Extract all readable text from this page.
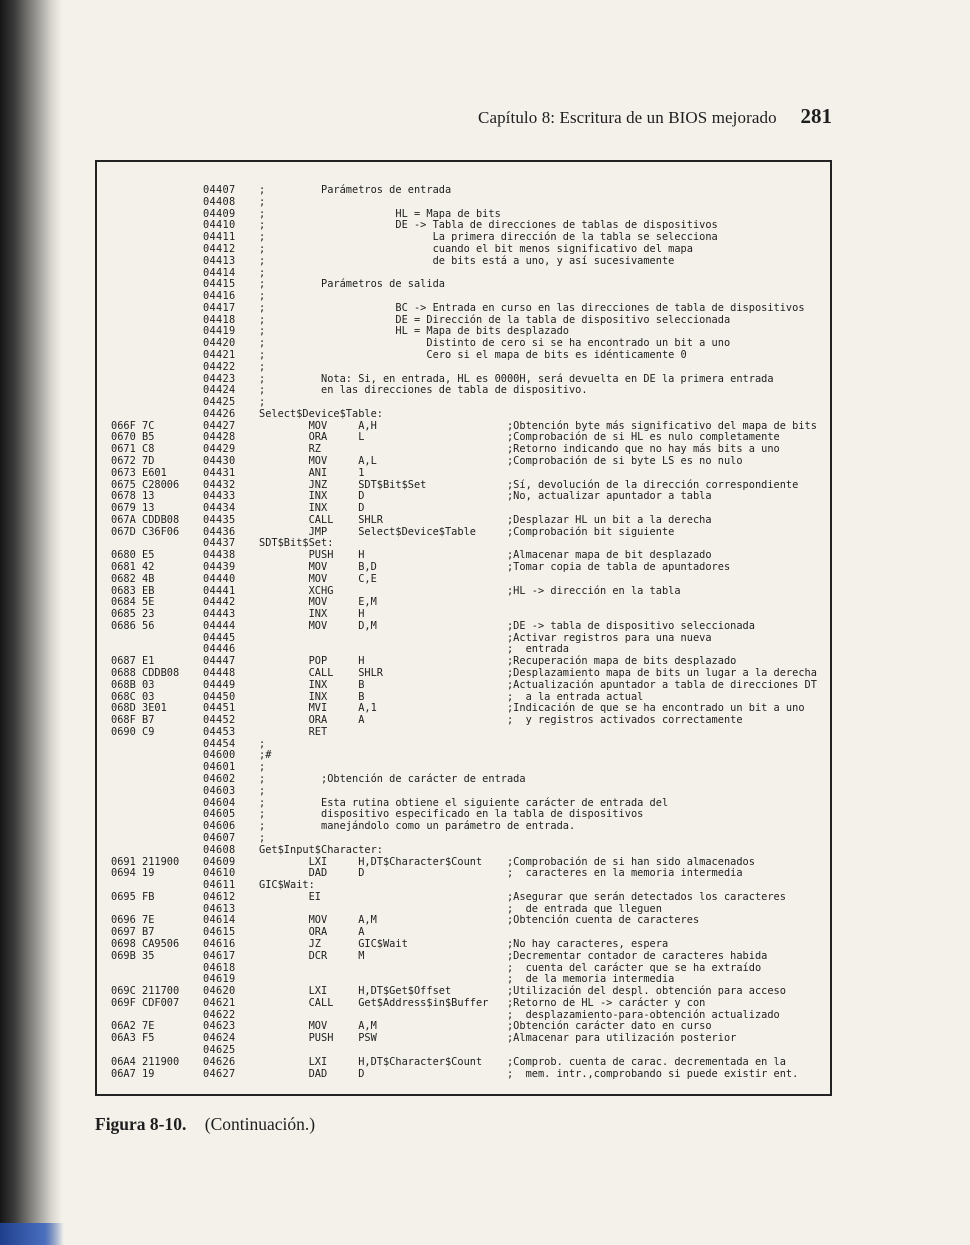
Capítulo 8: Escritura de un BIOS mejorado 281
04407 ;         Parámetros de entrada
04408 ;
04409 ;                     HL = Mapa de bits
04410 ;                     DE -> Tabla de direcciones de tablas de dispositivos
04411 ;                           La primera dirección de la tabla se selecciona
04412 ;                           cuando el bit menos significativo del mapa
04413 ;                           de bits está a uno, y así sucesivamente
04414 ;
04415 ;         Parámetros de salida
04416 ;
04417 ;                     BC -> Entrada en curso en las direcciones de tabla de dispositivos
04418 ;                     DE = Dirección de la tabla de dispositivo seleccionada
04419 ;                     HL = Mapa de bits desplazado
04420 ;                          Distinto de cero si se ha encontrado un bit a uno
04421 ;                          Cero si el mapa de bits es idénticamente 0
04422 ;
04423 ;         Nota: Si, en entrada, HL es 0000H, será devuelta en DE la primera entrada
04424 ;         en las direcciones de tabla de dispositivo.
04425 ;
04426 Select$Device$Table:
066F 7C	04427 MOV     A,H                     ;Obtención byte más significativo del mapa de bits
0670 B5	04428 ORA     L                       ;Comprobación de si HL es nulo completamente
0671 C8	04429 RZ                              ;Retorno indicando que no hay más bits a uno
0672 7D	04430 MOV     A,L                     ;Comprobación de si byte LS es no nulo
0673 E601	04431 ANI     1
0675 C28006 04432 JNZ     SDT$Bit$Set             ;Sí, devolución de la dirección correspondiente
0678 13	04433 INX     D                       ;No, actualizar apuntador a tabla
0679 13	04434 INX     D
067A CDDB08 04435 CALL    SHLR                    ;Desplazar HL un bit a la derecha
067D C36F06 04436 JMP     Select$Device$Table     ;Comprobación bit siguiente
04437 SDT$Bit$Set:
0680 E5	04438 PUSH    H                       ;Almacenar mapa de bit desplazado
0681 42	04439 MOV     B,D                     ;Tomar copia de tabla de apuntadores
0682 4B	04440 MOV     C,E
0683 EB	04441 XCHG                            ;HL -> dirección en la tabla
0684 5E	04442 MOV     E,M
0685 23	04443 INX     H
0686 56	04444 MOV     D,M                     ;DE -> tabla de dispositivo seleccionada
04445 ;Activar registros para una nueva
04446 ;  entrada
0687 E1	04447 POP     H                       ;Recuperación mapa de bits desplazado
0688 CDDB08 04448 CALL    SHLR                    ;Desplazamiento mapa de bits un lugar a la derecha
068B 03	04449 INX     B                       ;Actualización apuntador a tabla de direcciones DT
068C 03	04450 INX     B                       ;  a la entrada actual
068D 3E01	04451 MVI     A,1                     ;Indicación de que se ha encontrado un bit a uno
068F B7	04452 ORA     A                       ;  y registros activados correctamente
0690 C9	04453 RET
04454 ;
04600 ;#
04601 ;
04602 ;         ;Obtención de carácter de entrada
04603 ;
04604 ;         Esta rutina obtiene el siguiente carácter de entrada del
04605 ;         dispositivo especificado en la tabla de dispositivos
04606 ;         manejándolo como un parámetro de entrada.
04607 ;
04608 Get$Input$Character:
0691 211900 04609 LXI     H,DT$Character$Count    ;Comprobación de si han sido almacenados
0694 19	04610 DAD     D                       ;  caracteres en la memoria intermedia
04611 GIC$Wait:
0695 FB	04612 EI                              ;Asegurar que serán detectados los caracteres
04613 ;  de entrada que lleguen
0696 7E	04614 MOV     A,M                     ;Obtención cuenta de caracteres
0697 B7	04615 ORA     A
0698 CA9506 04616 JZ      GIC$Wait                ;No hay caracteres, espera
069B 35	04617 DCR     M                       ;Decrementar contador de caracteres habida
04618 ;  cuenta del carácter que se ha extraído
04619 ;  de la memoria intermedia
069C 211700 04620 LXI     H,DT$Get$Offset         ;Utilización del despl. obtención para acceso
069F CDF007 04621 CALL    Get$Address$in$Buffer   ;Retorno de HL -> carácter y con
04622 ;  desplazamiento-para-obtención actualizado
06A2 7E	04623 MOV     A,M                     ;Obtención carácter dato en curso
06A3 F5	04624 PUSH    PSW                     ;Almacenar para utilización posterior
04625
06A4 211900 04626 LXI     H,DT$Character$Count    ;Comprob. cuenta de carac. decrementada en la
06A7 19	04627 DAD     D                       ;  mem. intr.,comprobando si puede existir ent.
Figura 8-10. (Continuación.)
